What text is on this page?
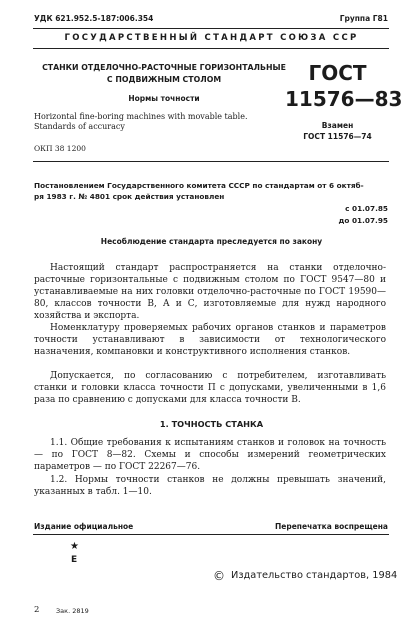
УДК 621.952.5-187:006.354	Группа Г81
ГОСУДАРСТВЕННЫЙ СТАНДАРТ СОЮЗА ССР
СТАНКИ ОТДЕЛОЧНО-РАСТОЧНЫЕ ГОРИЗОНТАЛЬНЫЕ
С ПОДВИЖНЫМ СТОЛОМ
Нормы точности
Horizontal fine-boring machines with movable table.
Standards of accuracy
ОКП 38 1200
ГОСТ
11576—83
Взамен
ГОСТ 11576—74
Постановлением Государственного комитета СССР по стандартам от 6 октяб-
ря 1983 г. № 4801 срок действия установлен
с 01.07.85
до 01.07.95
Несоблюдение стандарта преследуется по закону

Настоящий стандарт распространяется на станки отделочно-расточные горизонтальные с подвижным столом по ГОСТ 9547—80 и устанавливаемые на них головки отделочно-расточные по ГОСТ 19590—80, классов точности В, А и С, изготовляемые для нужд народного хозяйства и экспорта.

Номенклатуру проверяемых рабочих органов станков и параметров точности устанавливают в зависимости от технологического назначения, компановки и конструктивного исполнения станков.

Допускается, по согласованию с потребителем, изготавливать станки и головки класса точности П с допусками, увеличенными в 1,6 раза по сравнению с допусками для класса точности В.

1. ТОЧНОСТЬ СТАНКА

1.1. Общие требования к испытаниям станков и головок на точность — по ГОСТ 8—82. Схемы и способы измерений геометрических параметров — по ГОСТ 22267—76.

1.2. Нормы точности станков не должны превышать значений, указанных в табл. 1—10.

Издание официальное	Перепечатка воспрещена
★
E
© Издательство стандартов, 1984
2	Зак. 2819
